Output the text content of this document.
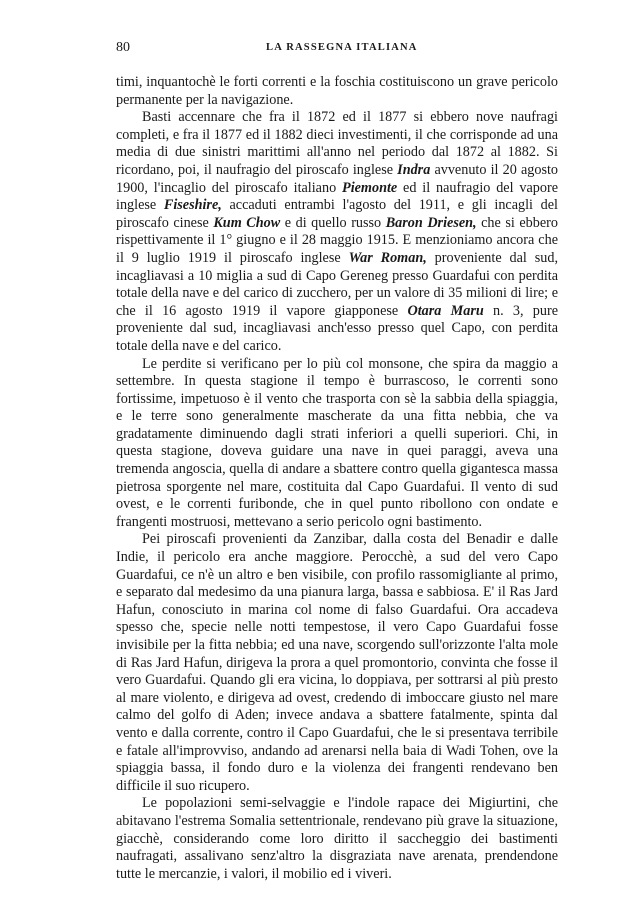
80	LA RASSEGNA ITALIANA

timi, inquantochè le forti correnti e la foschia costituiscono un grave pericolo permanente per la navigazione.

Basti accennare che fra il 1872 ed il 1877 si ebbero nove naufragi completi, e fra il 1877 ed il 1882 dieci investimenti, il che corrisponde ad una media di due sinistri marittimi all'anno nel periodo dal 1872 al 1882. Si ricordano, poi, il naufragio del piroscafo inglese Indra avvenuto il 20 agosto 1900, l'incaglio del piroscafo italiano Piemonte ed il naufragio del vapore inglese Fiseshire, accaduti entrambi l'agosto del 1911, e gli incagli del piroscafo cinese Kum Chow e di quello russo Baron Driesen, che si ebbero rispettivamente il 1° giugno e il 28 maggio 1915. E menzioniamo ancora che il 9 luglio 1919 il piroscafo inglese War Roman, proveniente dal sud, incagliavasi a 10 miglia a sud di Capo Gereneg presso Guardafui con perdita totale della nave e del carico di zucchero, per un valore di 35 milioni di lire; e che il 16 agosto 1919 il vapore giapponese Otara Maru n. 3, pure proveniente dal sud, incagliavasi anch'esso presso quel Capo, con perdita totale della nave e del carico.

Le perdite si verificano per lo più col monsone, che spira da maggio a settembre. In questa stagione il tempo è burrascoso, le correnti sono fortissime, impetuoso è il vento che trasporta con sè la sabbia della spiaggia, e le terre sono generalmente mascherate da una fitta nebbia, che va gradatamente diminuendo dagli strati inferiori a quelli superiori. Chi, in questa stagione, doveva guidare una nave in quei paraggi, aveva una tremenda angoscia, quella di andare a sbattere contro quella gigantesca massa pietrosa sporgente nel mare, costituita dal Capo Guardafui. Il vento di sud ovest, e le correnti furibonde, che in quel punto ribollono con ondate e frangenti mostruosi, mettevano a serio pericolo ogni bastimento.

Pei piroscafi provenienti da Zanzibar, dalla costa del Benadir e dalle Indie, il pericolo era anche maggiore. Perocchè, a sud del vero Capo Guardafui, ce n'è un altro e ben visibile, con profilo rassomigliante al primo, e separato dal medesimo da una pianura larga, bassa e sabbiosa. E' il Ras Jard Hafun, conosciuto in marina col nome di falso Guardafui. Ora accadeva spesso che, specie nelle notti tempestose, il vero Capo Guardafui fosse invisibile per la fitta nebbia; ed una nave, scorgendo sull'orizzonte l'alta mole di Ras Jard Hafun, dirigeva la prora a quel promontorio, convinta che fosse il vero Guardafui. Quando gli era vicina, lo doppiava, per sottrarsi al più presto al mare violento, e dirigeva ad ovest, credendo di imboccare giusto nel mare calmo del golfo di Aden; invece andava a sbattere fatalmente, spinta dal vento e dalla corrente, contro il Capo Guardafui, che le si presentava terribile e fatale all'improvviso, andando ad arenarsi nella baia di Wadi Tohen, ove la spiaggia bassa, il fondo duro e la violenza dei frangenti rendevano ben difficile il suo ricupero.

Le popolazioni semi-selvaggie e l'indole rapace dei Migiurtini, che abitavano l'estrema Somalia settentrionale, rendevano più grave la situazione, giacchè, considerando come loro diritto il saccheggio dei bastimenti naufragati, assalivano senz'altro la disgraziata nave arenata, prendendone tutte le mercanzie, i valori, il mobilio ed i viveri.
